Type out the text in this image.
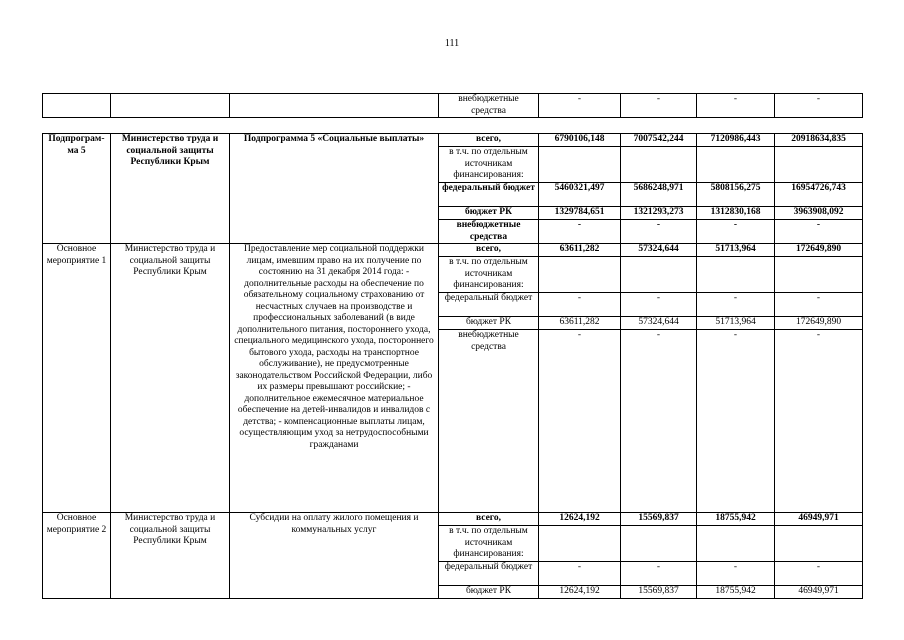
111
			внебюджетные средства	-	-	-	-
Подпрограм-ма 5	Министерство труда и социальной защиты Республики Крым	Подпрограмма 5 «Социальные выплаты»	всего,	6790106,148	7007542,244	7120986,443	20918634,835
			в т.ч. по отдельным источникам финансирования:				
			федеральный бюджет	5460321,497	5686248,971	5808156,275	16954726,743
			бюджет РК	1329784,651	1321293,273	1312830,168	3963908,092
			внебюджетные средства	-	-	-	-
Основное мероприятие 1	Министерство труда и социальной защиты Республики Крым	Предоставление мер социальной поддержки лицам, имевшим право на их получение по состоянию на 31 декабря 2014 года: - дополнительные расходы на обеспечение по обязательному социальному страхованию от несчастных случаев на производстве и профессиональных заболеваний (в виде дополнительного питания, постороннего ухода, специального медицинского ухода, постороннего бытового ухода, расходы на транспортное обслуживание), не предусмотренные законодательством Российской Федерации, либо их размеры превышают российские; - дополнительное ежемесячное материальное обеспечение на детей-инвалидов и инвалидов с детства; - компенсационные выплаты лицам, осуществляющим уход за нетрудоспособными гражданами	всего,	63611,282	57324,644	51713,964	172649,890
			в т.ч. по отдельным источникам финансирования:				
			федеральный бюджет	-	-	-	-
			бюджет РК	63611,282	57324,644	51713,964	172649,890
			внебюджетные средства	-	-	-	-
Основное мероприятие 2	Министерство труда и социальной защиты Республики Крым	Субсидии на оплату жилого помещения и коммунальных услуг	всего,	12624,192	15569,837	18755,942	46949,971
			в т.ч. по отдельным источникам финансирования:				
			федеральный бюджет	-	-	-	-
			бюджет РК	12624,192	15569,837	18755,942	46949,971
